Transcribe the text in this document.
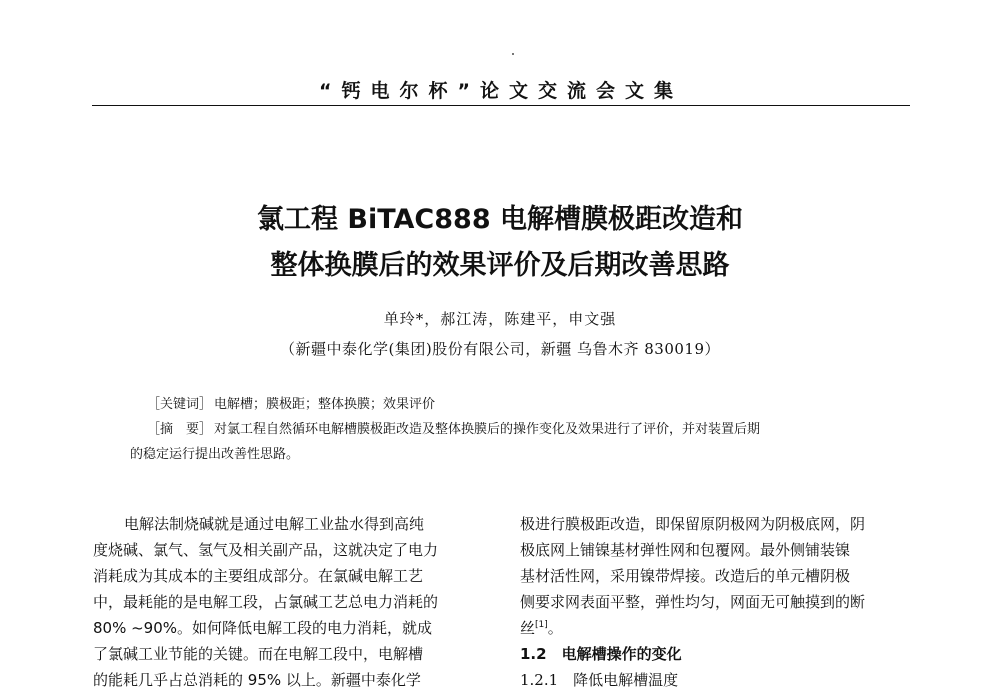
“钙电尔杯”论文交流会文集
氯工程 BiTAC888 电解槽膜极距改造和
整体换膜后的效果评价及后期改善思路
单玲*，郝江涛，陈建平，申文强
（新疆中泰化学(集团)股份有限公司，新疆 乌鲁木齐 830019）
［关键词］ 电解槽；膜极距；整体换膜；效果评价
［摘　要］ 对氯工程自然循环电解槽膜极距改造及整体换膜后的操作变化及效果进行了评价，并对装置后期
的稳定运行提出改善性思路。
电解法制烧碱就是通过电解工业盐水得到高纯
度烧碱、氯气、氢气及相关副产品，这就决定了电力
消耗成为其成本的主要组成部分。在氯碱电解工艺
中，最耗能的是电解工段，占氯碱工艺总电力消耗的
80% ~90%。如何降低电解工段的电力消耗，就成
了氯碱工业节能的关键。而在电解工段中，电解槽
的能耗几乎占总消耗的 95% 以上。新疆中泰化学
极进行膜极距改造，即保留原阴极网为阴极底网，阴
极底网上铺镍基材弹性网和包覆网。最外侧铺装镍
基材活性网，采用镍带焊接。改造后的单元槽阴极
侧要求网表面平整，弹性均匀，网面无可触摸到的断
丝[1]。
1.2　电解槽操作的变化
1.2.1　降低电解槽温度
